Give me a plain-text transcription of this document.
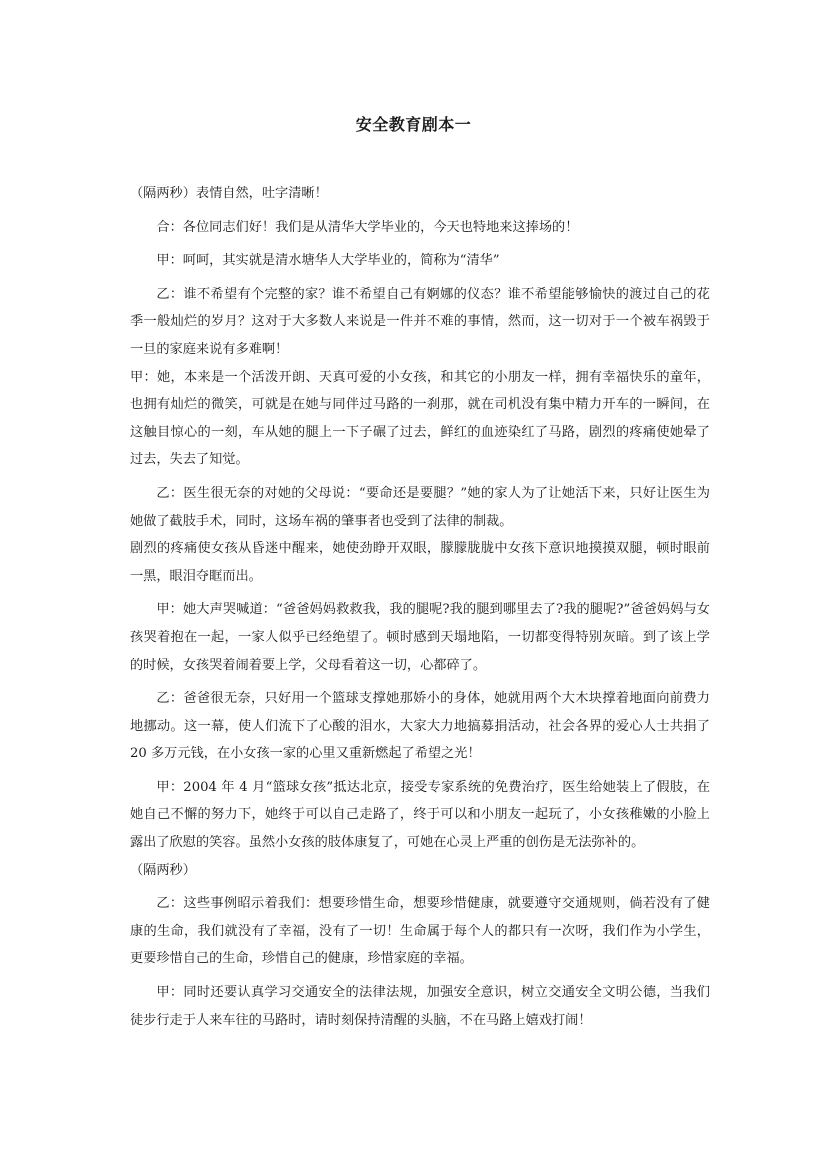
安全教育剧本一

（隔两秒）表情自然，吐字清晰！

合：各位同志们好！我们是从清华大学毕业的，今天也特地来这捧场的！

甲：呵呵，其实就是清水塘华人大学毕业的，简称为“清华”

乙：谁不希望有个完整的家？谁不希望自己有婀娜的仪态？谁不希望能够愉快的渡过自己的花季一般灿烂的岁月？这对于大多数人来说是一件并不难的事情，然而，这一切对于一个被车祸毁于一旦的家庭来说有多难啊！

甲：她，本来是一个活泼开朗、天真可爱的小女孩，和其它的小朋友一样，拥有幸福快乐的童年，也拥有灿烂的微笑，可就是在她与同伴过马路的一刹那，就在司机没有集中精力开车的一瞬间，在这触目惊心的一刻，车从她的腿上一下子碾了过去，鲜红的血迹染红了马路，剧烈的疼痛使她晕了过去，失去了知觉。

乙：医生很无奈的对她的父母说：“要命还是要腿？”她的家人为了让她活下来，只好让医生为她做了截肢手术，同时，这场车祸的肇事者也受到了法律的制裁。

剧烈的疼痛使女孩从昏迷中醒来，她使劲睁开双眼，朦朦胧胧中女孩下意识地摸摸双腿，顿时眼前一黑，眼泪夺眶而出。

甲：她大声哭喊道：“爸爸妈妈救救我，我的腿呢?我的腿到哪里去了?我的腿呢?”爸爸妈妈与女孩哭着抱在一起，一家人似乎已经绝望了。顿时感到天塌地陷，一切都变得特别灰暗。到了该上学的时候，女孩哭着闹着要上学，父母看着这一切，心都碎了。

乙：爸爸很无奈，只好用一个篮球支撑她那娇小的身体，她就用两个大木块撑着地面向前费力地挪动。这一幕，使人们流下了心酸的泪水，大家大力地搞募捐活动，社会各界的爱心人士共捐了 20 多万元钱，在小女孩一家的心里又重新燃起了希望之光！

甲：2004 年 4 月“篮球女孩”抵达北京，接受专家系统的免费治疗，医生给她装上了假肢，在她自己不懈的努力下，她终于可以自己走路了，终于可以和小朋友一起玩了，小女孩稚嫩的小脸上露出了欣慰的笑容。虽然小女孩的肢体康复了，可她在心灵上严重的创伤是无法弥补的。

（隔两秒）

乙：这些事例昭示着我们：想要珍惜生命，想要珍惜健康，就要遵守交通规则，倘若没有了健康的生命，我们就没有了幸福，没有了一切！生命属于每个人的都只有一次呀，我们作为小学生，更要珍惜自己的生命，珍惜自己的健康，珍惜家庭的幸福。

甲：同时还要认真学习交通安全的法律法规，加强安全意识，树立交通安全文明公德，当我们徒步行走于人来车往的马路时，请时刻保持清醒的头脑，不在马路上嬉戏打闹！
